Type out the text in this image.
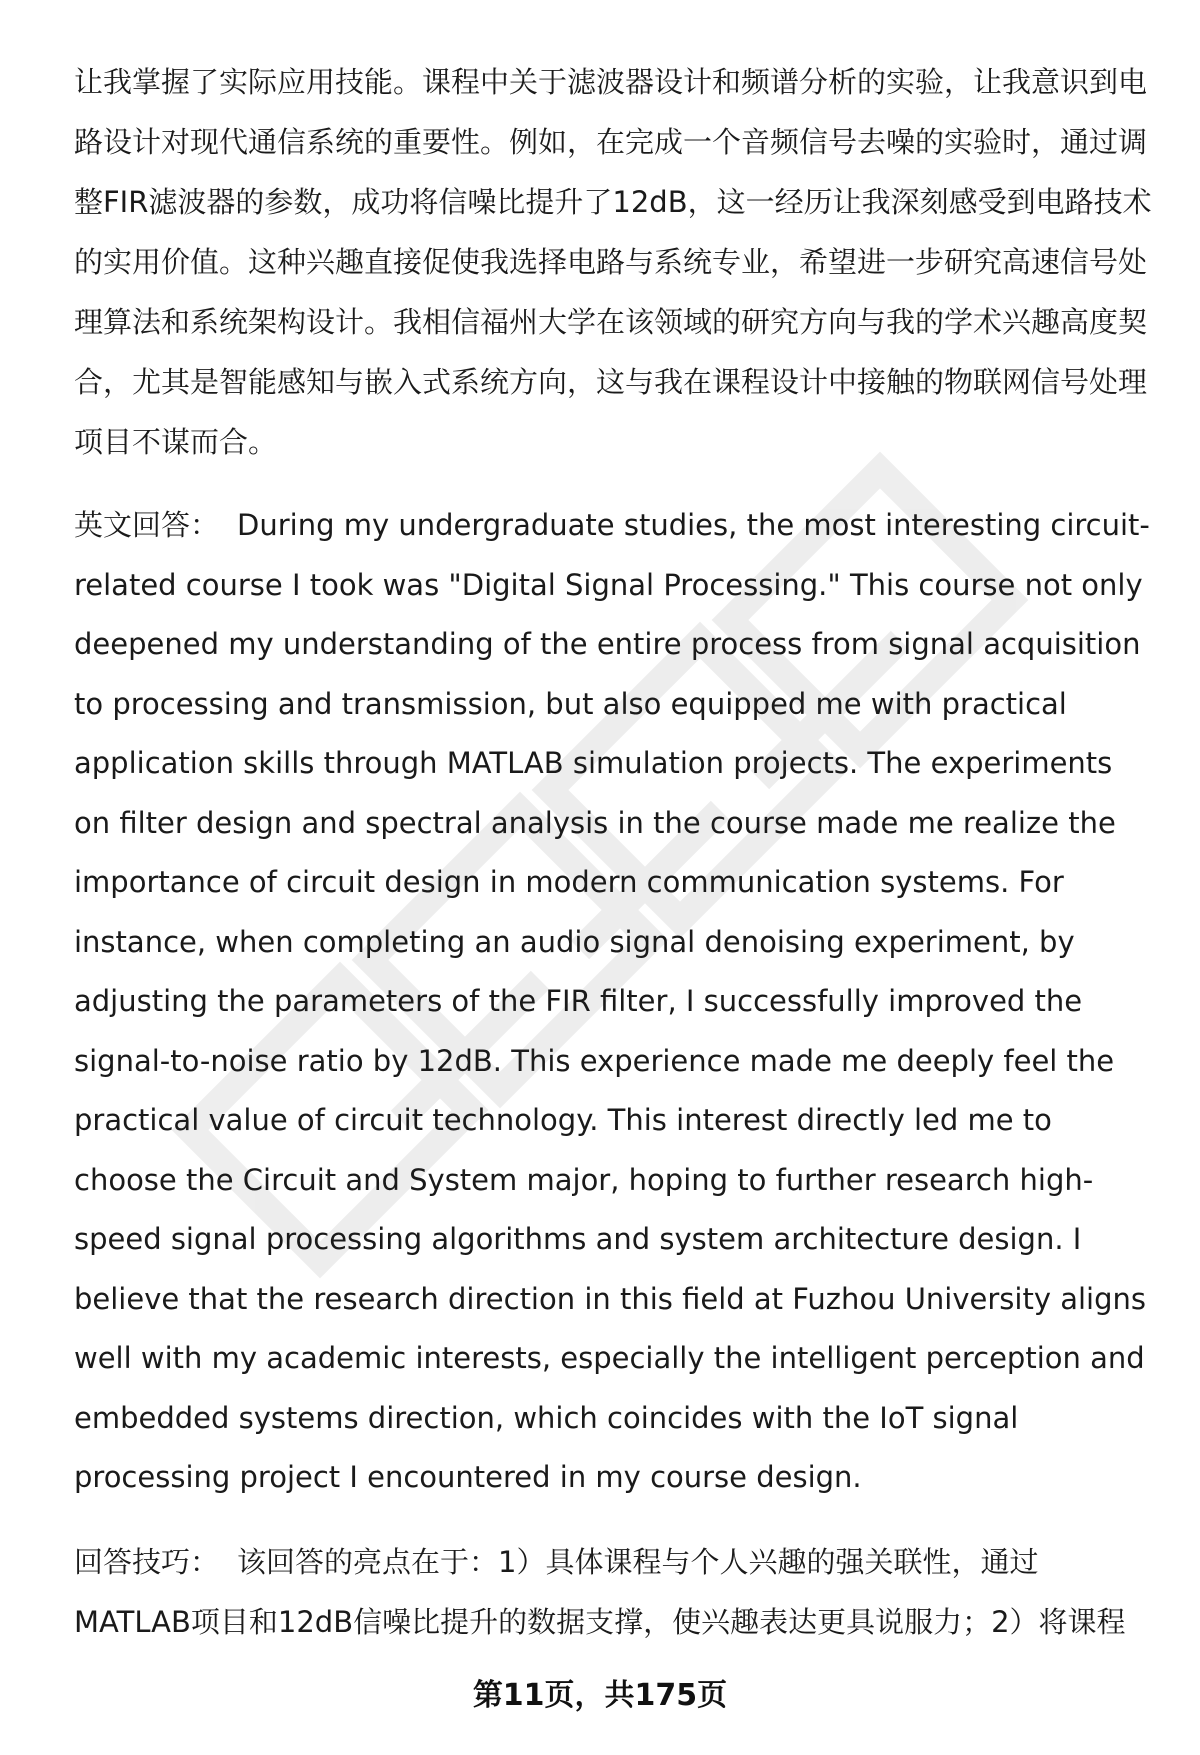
让我掌握了实际应用技能。课程中关于滤波器设计和频谱分析的实验，让我意识到电路设计对现代通信系统的重要性。例如，在完成一个音频信号去噪的实验时，通过调整FIR滤波器的参数，成功将信噪比提升了12dB，这一经历让我深刻感受到电路技术的实用价值。这种兴趣直接促使我选择电路与系统专业，希望进一步研究高速信号处理算法和系统架构设计。我相信福州大学在该领域的研究方向与我的学术兴趣高度契合，尤其是智能感知与嵌入式系统方向，这与我在课程设计中接触的物联网信号处理项目不谋而合。

英文回答： During my undergraduate studies, the most interesting circuit-related course I took was "Digital Signal Processing." This course not only deepened my understanding of the entire process from signal acquisition to processing and transmission, but also equipped me with practical application skills through MATLAB simulation projects. The experiments on filter design and spectral analysis in the course made me realize the importance of circuit design in modern communication systems. For instance, when completing an audio signal denoising experiment, by adjusting the parameters of the FIR filter, I successfully improved the signal-to-noise ratio by 12dB. This experience made me deeply feel the practical value of circuit technology. This interest directly led me to choose the Circuit and System major, hoping to further research high-speed signal processing algorithms and system architecture design. I believe that the research direction in this field at Fuzhou University aligns well with my academic interests, especially the intelligent perception and embedded systems direction, which coincides with the IoT signal processing project I encountered in my course design.

回答技巧： 该回答的亮点在于：1）具体课程与个人兴趣的强关联性，通过MATLAB项目和12dB信噪比提升的数据支撑，使兴趣表达更具说服力；2）将课程

第11页，共175页
